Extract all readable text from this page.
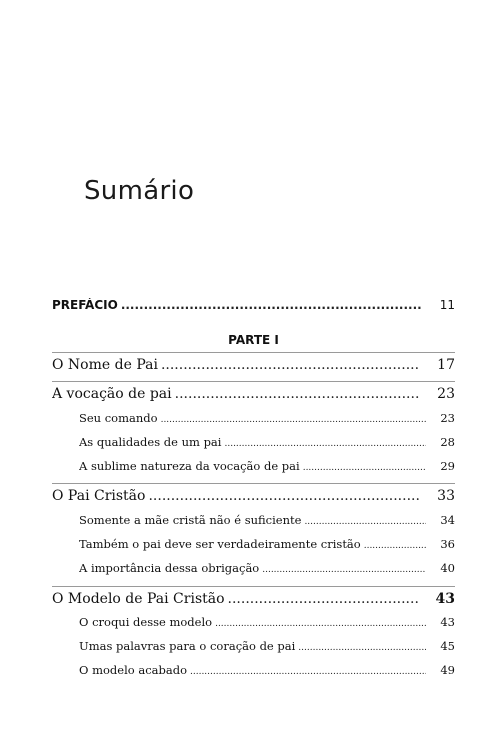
Sumário
PREFÁCIO .....	11
PARTE I
O Nome de Pai .....	17
A vocação de pai .....	23
Seu comando .....	23
As qualidades de um pai .....	28
A sublime natureza da vocação de pai .....	29
O Pai Cristão .....	33
Somente a mãe cristã não é suficiente .....	34
Também o pai deve ser verdadeiramente cristão .....	36
A importância dessa obrigação .....	40
O Modelo de Pai Cristão .....	43
O croqui desse modelo .....	43
Umas palavras para o coração de pai .....	45
O modelo acabado .....	49
